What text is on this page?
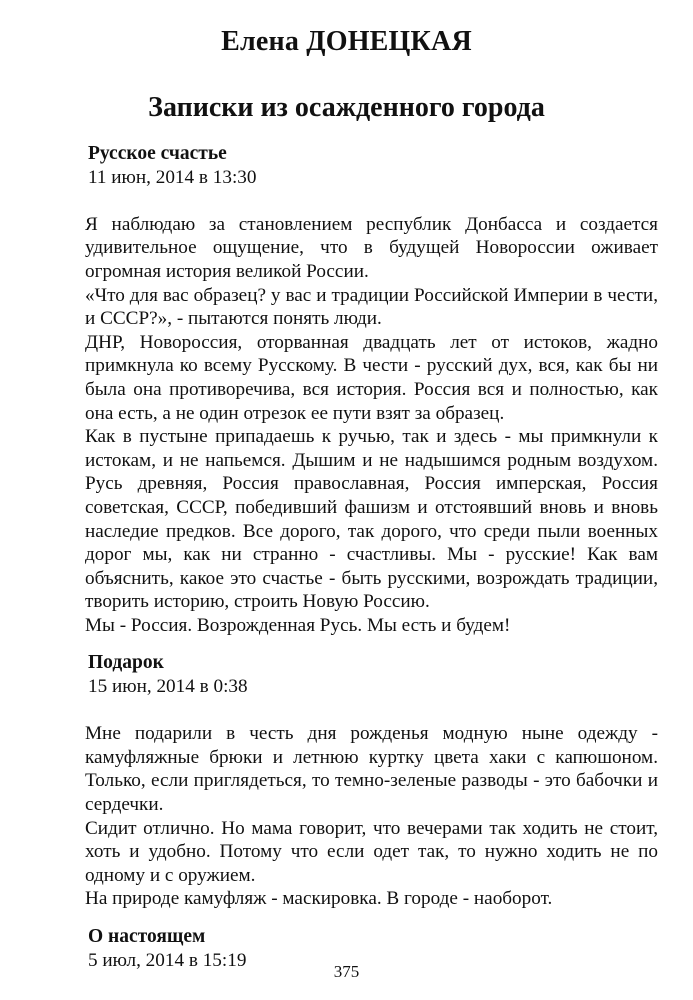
Елена ДОНЕЦКАЯ
Записки из осажденного города

Русское счастье

11 июн, 2014 в 13:30

Я наблюдаю за становлением республик Донбасса и создается удивительное ощущение, что в будущей Новороссии оживает огромная история великой России.

«Что для вас образец? у вас и традиции Российской Империи в чести, и СССР?», - пытаются понять люди.

ДНР, Новороссия, оторванная двадцать лет от истоков, жадно примкнула ко всему Русскому. В чести - русский дух, вся, как бы ни была она противоречива, вся история. Россия вся и полностью, как она есть, а не один отрезок ее пути взят за образец.

Как в пустыне припадаешь к ручью, так и здесь - мы примкнули к истокам, и не напьемся. Дышим и не надышимся родным воздухом. Русь древняя, Россия православная, Россия имперская, Россия советская, СССР, победивший фашизм и отстоявший вновь и вновь наследие предков. Все дорого, так дорого, что среди пыли военных дорог мы, как ни странно - счастливы. Мы - русские! Как вам объяснить, какое это счастье - быть русскими, возрождать традиции, творить историю, строить Новую Россию.

Мы - Россия. Возрожденная Русь. Мы есть и будем!

Подарок

15 июн, 2014 в 0:38

Мне подарили в честь дня рожденья модную ныне одежду - камуфляжные брюки и летнюю куртку цвета хаки с капюшоном. Только, если приглядеться, то темно-зеленые разводы - это бабочки и сердечки.

Сидит отлично. Но мама говорит, что вечерами так ходить не стоит, хоть и удобно. Потому что если одет так, то нужно ходить не по одному и с оружием.

На природе камуфляж - маскировка. В городе - наоборот.

О настоящем

5 июл, 2014 в 15:19

375
